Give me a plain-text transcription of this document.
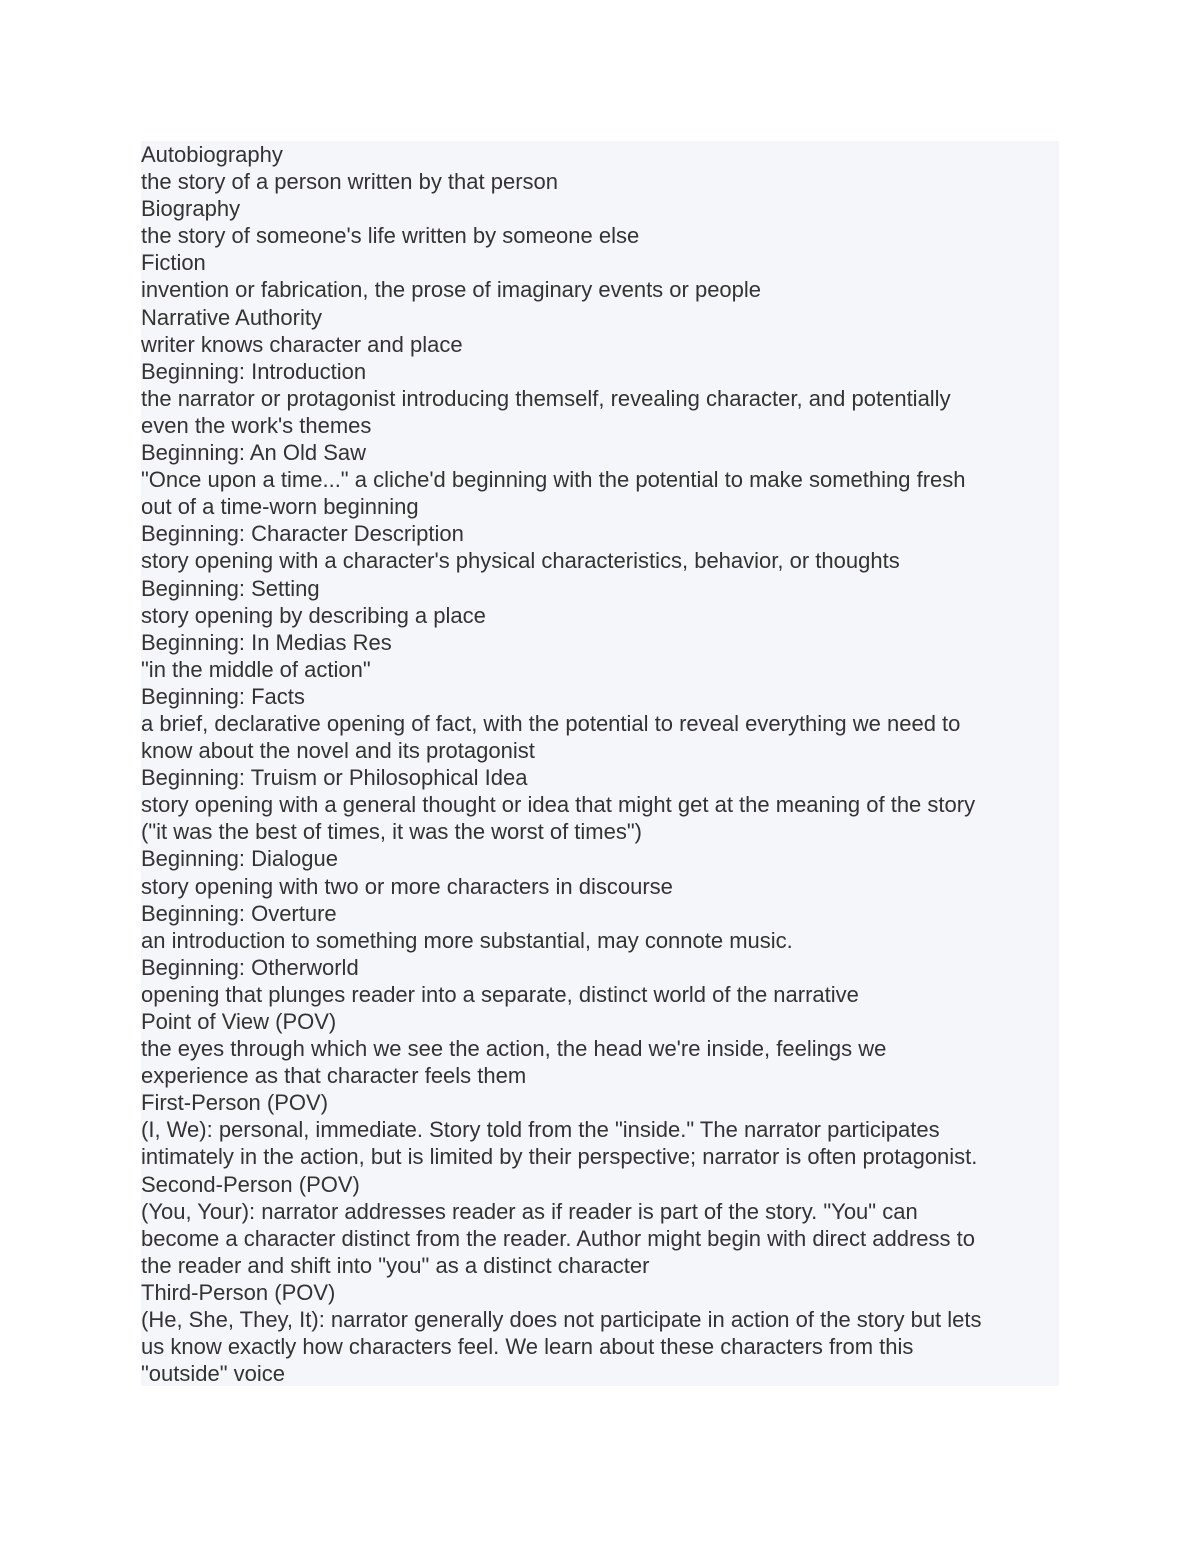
Autobiography

the story of a person written by that person

Biography

the story of someone's life written by someone else

Fiction

invention or fabrication, the prose of imaginary events or people

Narrative Authority

writer knows character and place

Beginning: Introduction

the narrator or protagonist introducing themself, revealing character, and potentially

even the work's themes

Beginning: An Old Saw

"Once upon a time..." a cliche'd beginning with the potential to make something fresh

out of a time-worn beginning

Beginning: Character Description

story opening with a character's physical characteristics, behavior, or thoughts

Beginning: Setting

story opening by describing a place

Beginning: In Medias Res

"in the middle of action"

Beginning: Facts

a brief, declarative opening of fact, with the potential to reveal everything we need to

know about the novel and its protagonist

Beginning: Truism or Philosophical Idea

story opening with a general thought or idea that might get at the meaning of the story

("it was the best of times, it was the worst of times")

Beginning: Dialogue

story opening with two or more characters in discourse

Beginning: Overture

an introduction to something more substantial, may connote music.

Beginning: Otherworld

opening that plunges reader into a separate, distinct world of the narrative

Point of View (POV)

the eyes through which we see the action, the head we're inside, feelings we

experience as that character feels them

First-Person (POV)

(I, We): personal, immediate. Story told from the "inside." The narrator participates

intimately in the action, but is limited by their perspective; narrator is often protagonist.

Second-Person (POV)

(You, Your): narrator addresses reader as if reader is part of the story. "You" can

become a character distinct from the reader. Author might begin with direct address to

the reader and shift into "you" as a distinct character

Third-Person (POV)

(He, She, They, It): narrator generally does not participate in action of the story but lets

us know exactly how characters feel. We learn about these characters from this

"outside" voice
